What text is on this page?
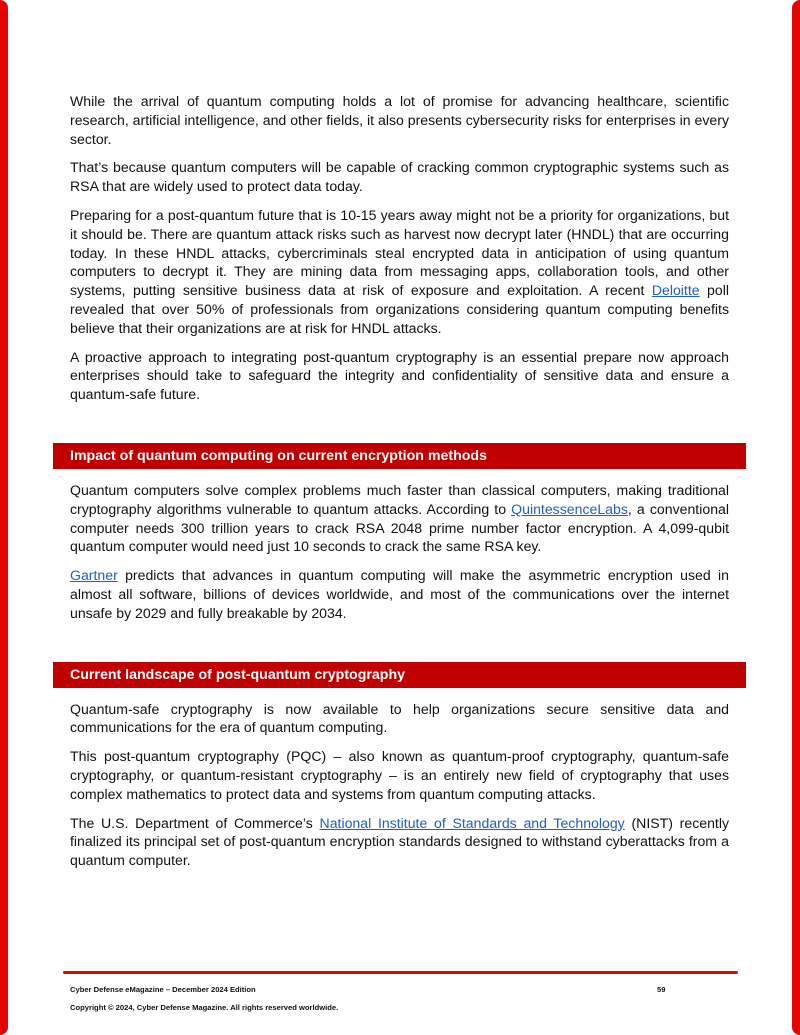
While the arrival of quantum computing holds a lot of promise for advancing healthcare, scientific research, artificial intelligence, and other fields, it also presents cybersecurity risks for enterprises in every sector.

That’s because quantum computers will be capable of cracking common cryptographic systems such as RSA that are widely used to protect data today.

Preparing for a post-quantum future that is 10-15 years away might not be a priority for organizations, but it should be. There are quantum attack risks such as harvest now decrypt later (HNDL) that are occurring today. In these HNDL attacks, cybercriminals steal encrypted data in anticipation of using quantum computers to decrypt it. They are mining data from messaging apps, collaboration tools, and other systems, putting sensitive business data at risk of exposure and exploitation. A recent Deloitte poll revealed that over 50% of professionals from organizations considering quantum computing benefits believe that their organizations are at risk for HNDL attacks.

A proactive approach to integrating post-quantum cryptography is an essential prepare now approach enterprises should take to safeguard the integrity and confidentiality of sensitive data and ensure a quantum-safe future.

Impact of quantum computing on current encryption methods

Quantum computers solve complex problems much faster than classical computers, making traditional cryptography algorithms vulnerable to quantum attacks. According to QuintessenceLabs, a conventional computer needs 300 trillion years to crack RSA 2048 prime number factor encryption. A 4,099-qubit quantum computer would need just 10 seconds to crack the same RSA key.

Gartner predicts that advances in quantum computing will make the asymmetric encryption used in almost all software, billions of devices worldwide, and most of the communications over the internet unsafe by 2029 and fully breakable by 2034.

Current landscape of post-quantum cryptography

Quantum-safe cryptography is now available to help organizations secure sensitive data and communications for the era of quantum computing.

This post-quantum cryptography (PQC) – also known as quantum-proof cryptography, quantum-safe cryptography, or quantum-resistant cryptography – is an entirely new field of cryptography that uses complex mathematics to protect data and systems from quantum computing attacks.

The U.S. Department of Commerce’s National Institute of Standards and Technology (NIST) recently finalized its principal set of post-quantum encryption standards designed to withstand cyberattacks from a quantum computer.

Cyber Defense eMagazine – December 2024 Edition	59
Copyright © 2024, Cyber Defense Magazine. All rights reserved worldwide.
